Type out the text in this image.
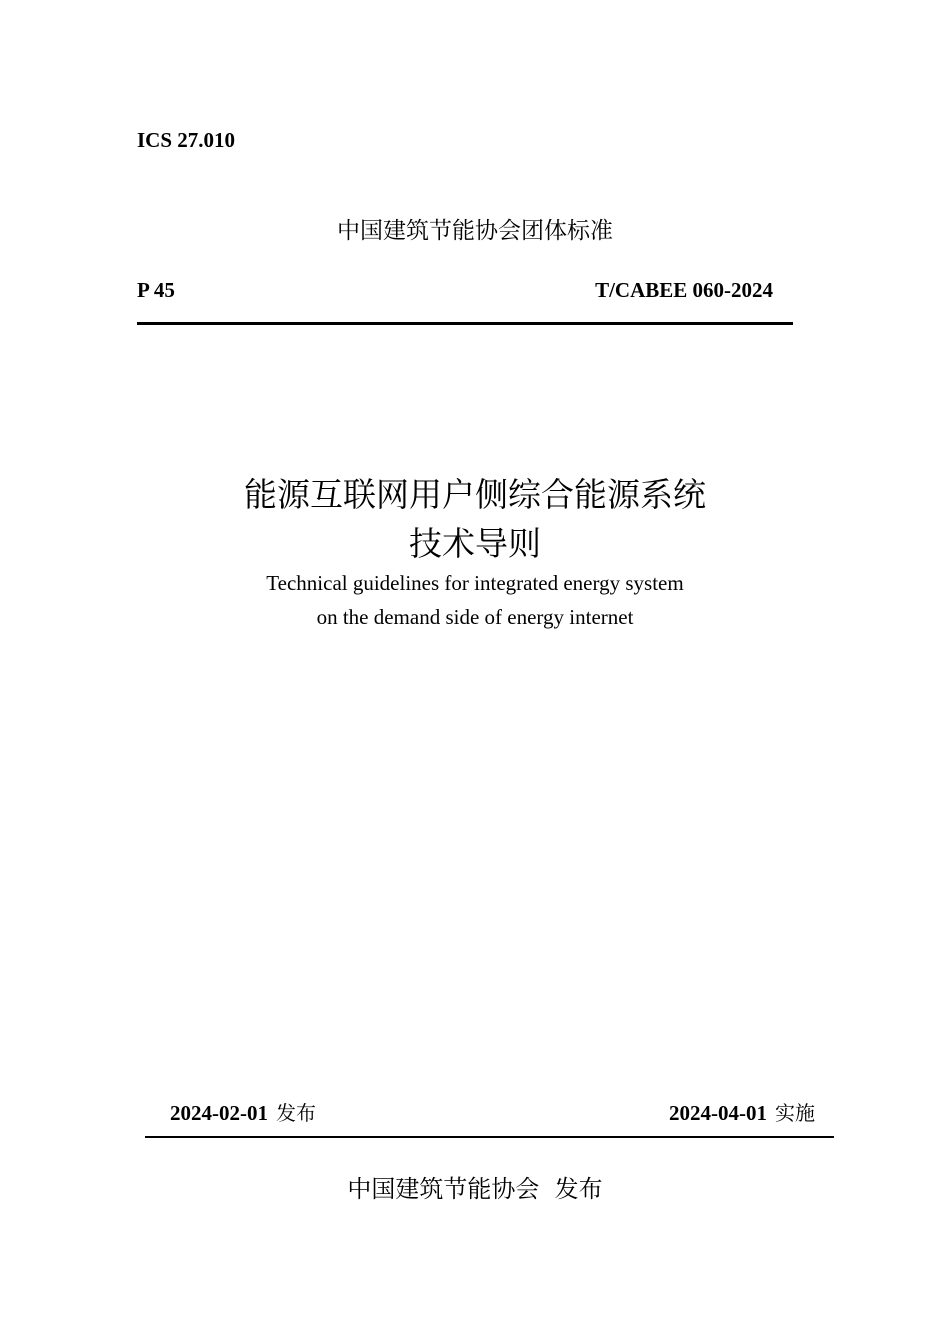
ICS 27.010
中国建筑节能协会团体标准
P 45	T/CABEE 060-2024
能源互联网用户侧综合能源系统
技术导则
Technical guidelines for integrated energy system
on the demand side of energy internet
2024-02-01 发布	2024-04-01 实施
中国建筑节能协会  发布
